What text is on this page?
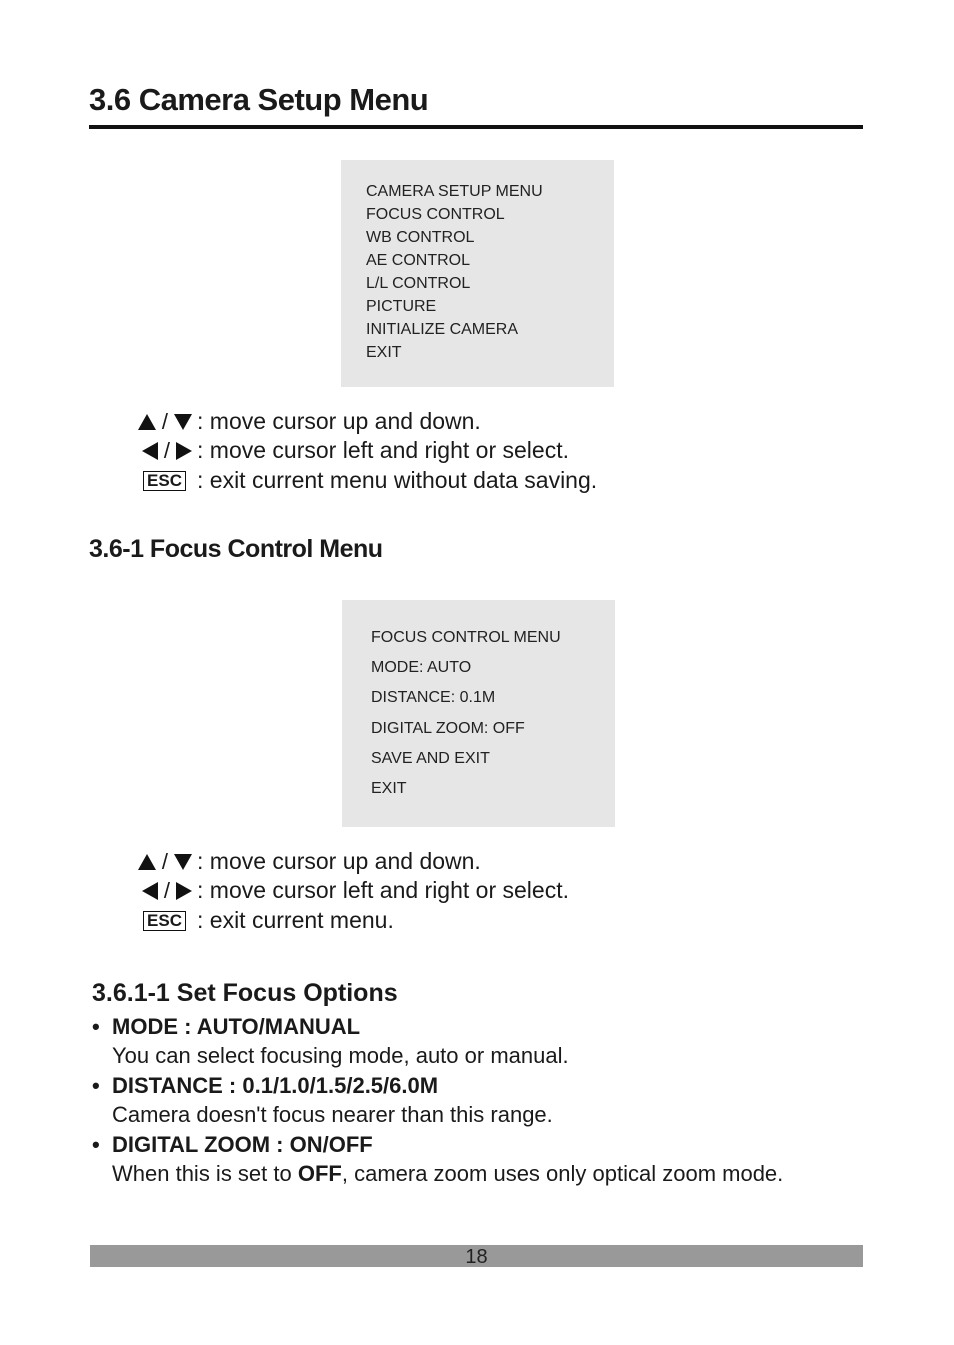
3.6 Camera Setup Menu
CAMERA SETUP MENU
FOCUS CONTROL
WB CONTROL
AE CONTROL
L/L CONTROL
PICTURE
INITIALIZE CAMERA
EXIT
/ : move cursor up and down.
/ : move cursor left and right or select.
ESC : exit current menu without data saving.
3.6-1 Focus Control Menu
FOCUS CONTROL MENU
MODE: AUTO
DISTANCE: 0.1M
DIGITAL ZOOM: OFF
SAVE AND EXIT
EXIT
/ : move cursor up and down.
/ : move cursor left and right or select.
ESC : exit current menu.
3.6.1-1 Set Focus Options
• MODE : AUTO/MANUAL
You can select focusing mode, auto or manual.
• DISTANCE : 0.1/1.0/1.5/2.5/6.0M
Camera doesn't focus nearer than this range.
• DIGITAL ZOOM : ON/OFF
When this is set to OFF, camera zoom uses only optical zoom mode.
18
